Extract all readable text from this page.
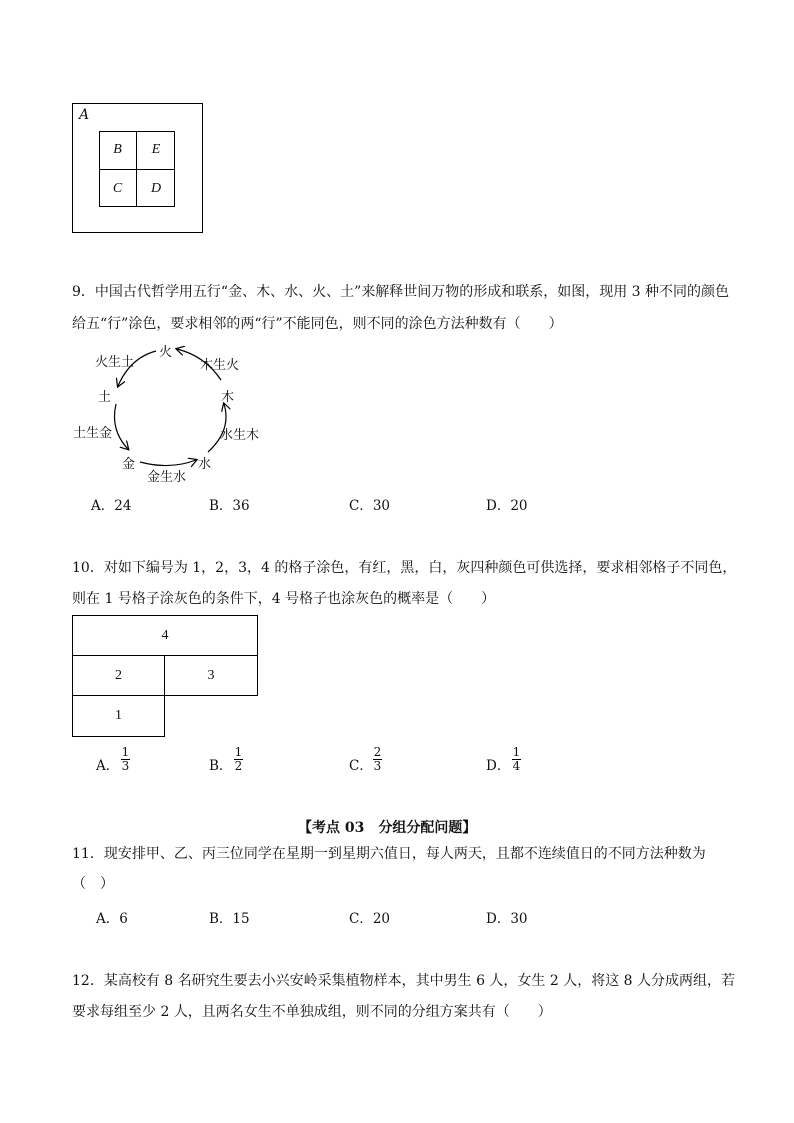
A
B	E
C	D
9．中国古代哲学用五行“金、木、水、火、土”来解释世间万物的形成和联系，如图，现用 3 种不同的颜色
给五“行”涂色，要求相邻的两“行”不能同色，则不同的涂色方法种数有（　　）
火
木
水
金
土
木生火
火生土
水生木
土生金
金生水
A．24	B．36	C．30	D．20
10．对如下编号为 1，2，3，4 的格子涂色，有红，黑，白，灰四种颜色可供选择，要求相邻格子不同色，
则在 1 号格子涂灰色的条件下，4 号格子也涂灰色的概率是（　　）
4
2	3
1
A．
1
3	B．
1
2	C．
2
3	D．
1
4
【考点 03　分组分配问题】
11．现安排甲、乙、丙三位同学在星期一到星期六值日，每人两天，且都不连续值日的不同方法种数为
（　）
A．6	B．15	C．20	D．30
12．某高校有 8 名研究生要去小兴安岭采集植物样本，其中男生 6 人，女生 2 人，将这 8 人分成两组，若
要求每组至少 2 人，且两名女生不单独成组，则不同的分组方案共有（　　）
